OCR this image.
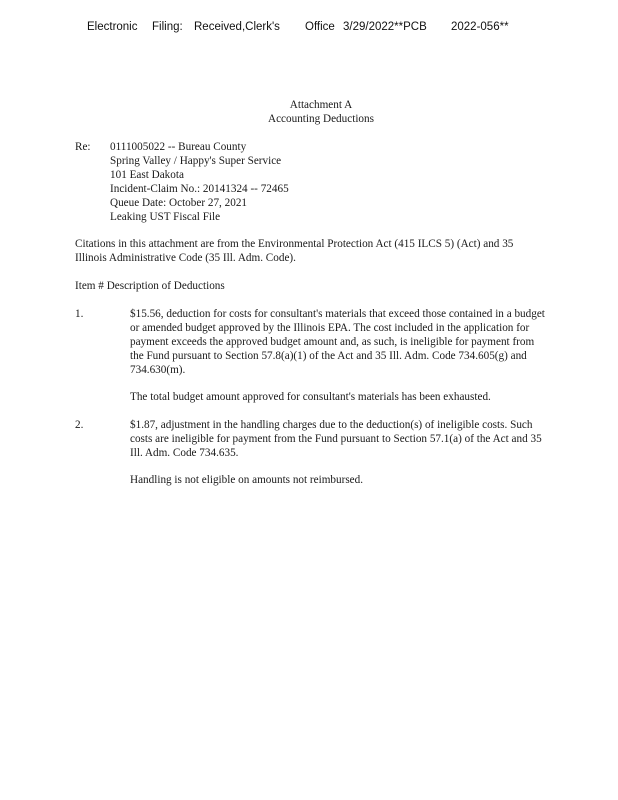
Electronic Filing: Received,Clerk's Office 3/29/2022**PCB 2022-056**
Attachment A
Accounting Deductions
Re: 0111005022 -- Bureau County
Spring Valley / Happy's Super Service
101 East Dakota
Incident-Claim No.: 20141324 -- 72465
Queue Date: October 27, 2021
Leaking UST Fiscal File
Citations in this attachment are from the Environmental Protection Act (415 ILCS 5) (Act) and 35 Illinois Administrative Code (35 Ill. Adm. Code).
Item # Description of Deductions
1.	$15.56, deduction for costs for consultant's materials that exceed those contained in a budget or amended budget approved by the Illinois EPA. The cost included in the application for payment exceeds the approved budget amount and, as such, is ineligible for payment from the Fund pursuant to Section 57.8(a)(1) of the Act and 35 Ill. Adm. Code 734.605(g) and 734.630(m).
The total budget amount approved for consultant's materials has been exhausted.
2.	$1.87, adjustment in the handling charges due to the deduction(s) of ineligible costs. Such costs are ineligible for payment from the Fund pursuant to Section 57.1(a) of the Act and 35 Ill. Adm. Code 734.635.
Handling is not eligible on amounts not reimbursed.
